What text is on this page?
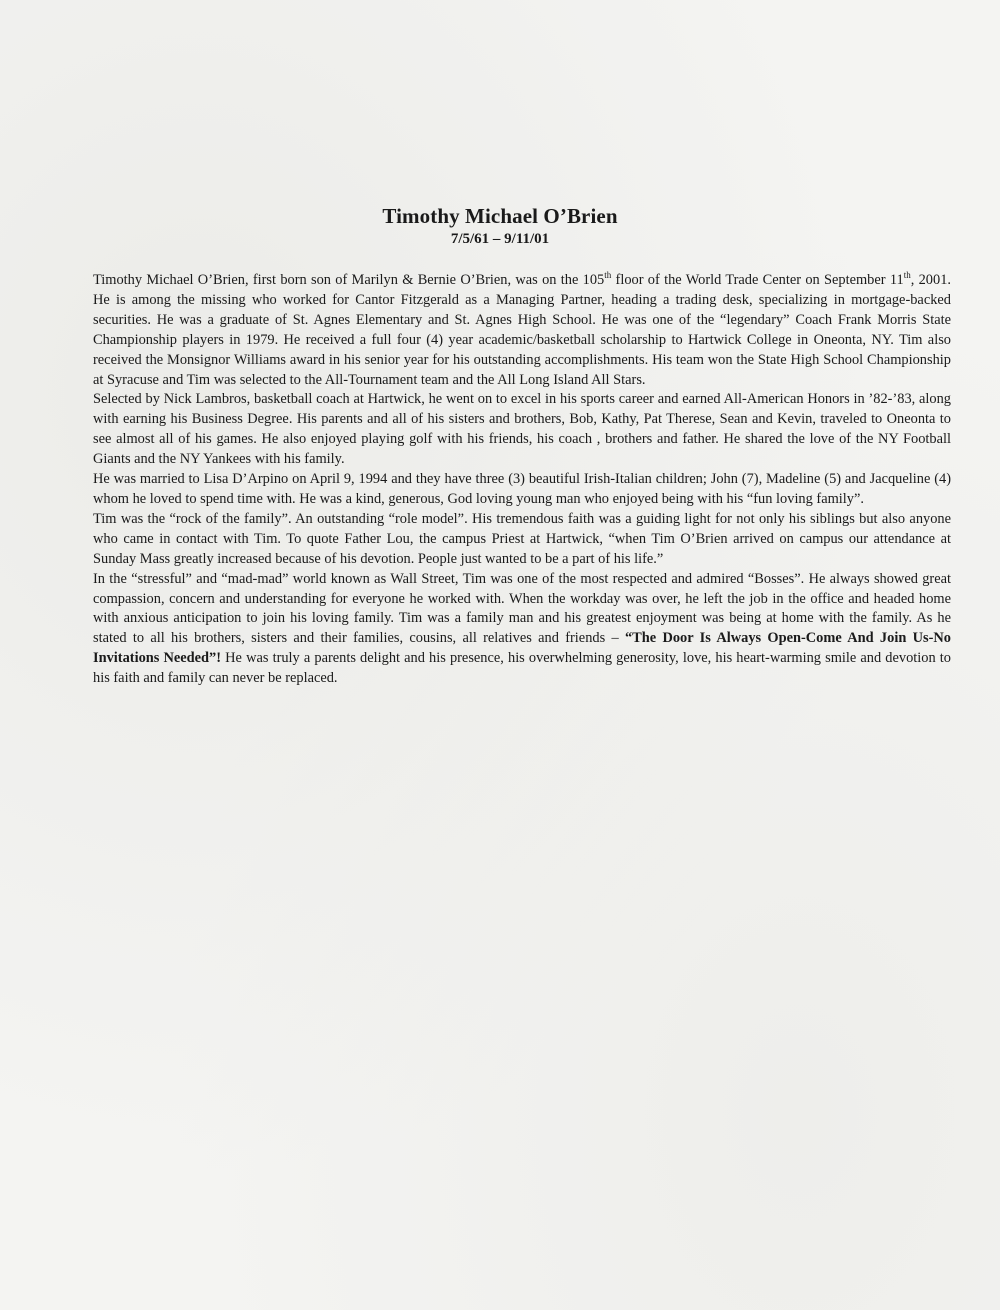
Timothy Michael O’Brien
7/5/61 – 9/11/01

Timothy Michael O’Brien, first born son of Marilyn & Bernie O’Brien, was on the 105th floor of the World Trade Center on September 11th, 2001. He is among the missing who worked for Cantor Fitzgerald as a Managing Partner, heading a trading desk, specializing in mortgage-backed securities. He was a graduate of St. Agnes Elementary and St. Agnes High School. He was one of the “legendary” Coach Frank Morris State Championship players in 1979. He received a full four (4) year academic/basketball scholarship to Hartwick College in Oneonta, NY. Tim also received the Monsignor Williams award in his senior year for his outstanding accomplishments. His team won the State High School Championship at Syracuse and Tim was selected to the All-Tournament team and the All Long Island All Stars.

Selected by Nick Lambros, basketball coach at Hartwick, he went on to excel in his sports career and earned All-American Honors in ’82-’83, along with earning his Business Degree. His parents and all of his sisters and brothers, Bob, Kathy, Pat Therese, Sean and Kevin, traveled to Oneonta to see almost all of his games. He also enjoyed playing golf with his friends, his coach , brothers and father. He shared the love of the NY Football Giants and the NY Yankees with his family.

He was married to Lisa D’Arpino on April 9, 1994 and they have three (3) beautiful Irish-Italian children; John (7), Madeline (5) and Jacqueline (4) whom he loved to spend time with. He was a kind, generous, God loving young man who enjoyed being with his “fun loving family”.

Tim was the “rock of the family”. An outstanding “role model”. His tremendous faith was a guiding light for not only his siblings but also anyone who came in contact with Tim. To quote Father Lou, the campus Priest at Hartwick, “when Tim O’Brien arrived on campus our attendance at Sunday Mass greatly increased because of his devotion. People just wanted to be a part of his life.”

In the “stressful” and “mad-mad” world known as Wall Street, Tim was one of the most respected and admired “Bosses”. He always showed great compassion, concern and understanding for everyone he worked with. When the workday was over, he left the job in the office and headed home with anxious anticipation to join his loving family. Tim was a family man and his greatest enjoyment was being at home with the family. As he stated to all his brothers, sisters and their families, cousins, all relatives and friends – “The Door Is Always Open-Come And Join Us-No Invitations Needed”! He was truly a parents delight and his presence, his overwhelming generosity, love, his heart-warming smile and devotion to his faith and family can never be replaced.
